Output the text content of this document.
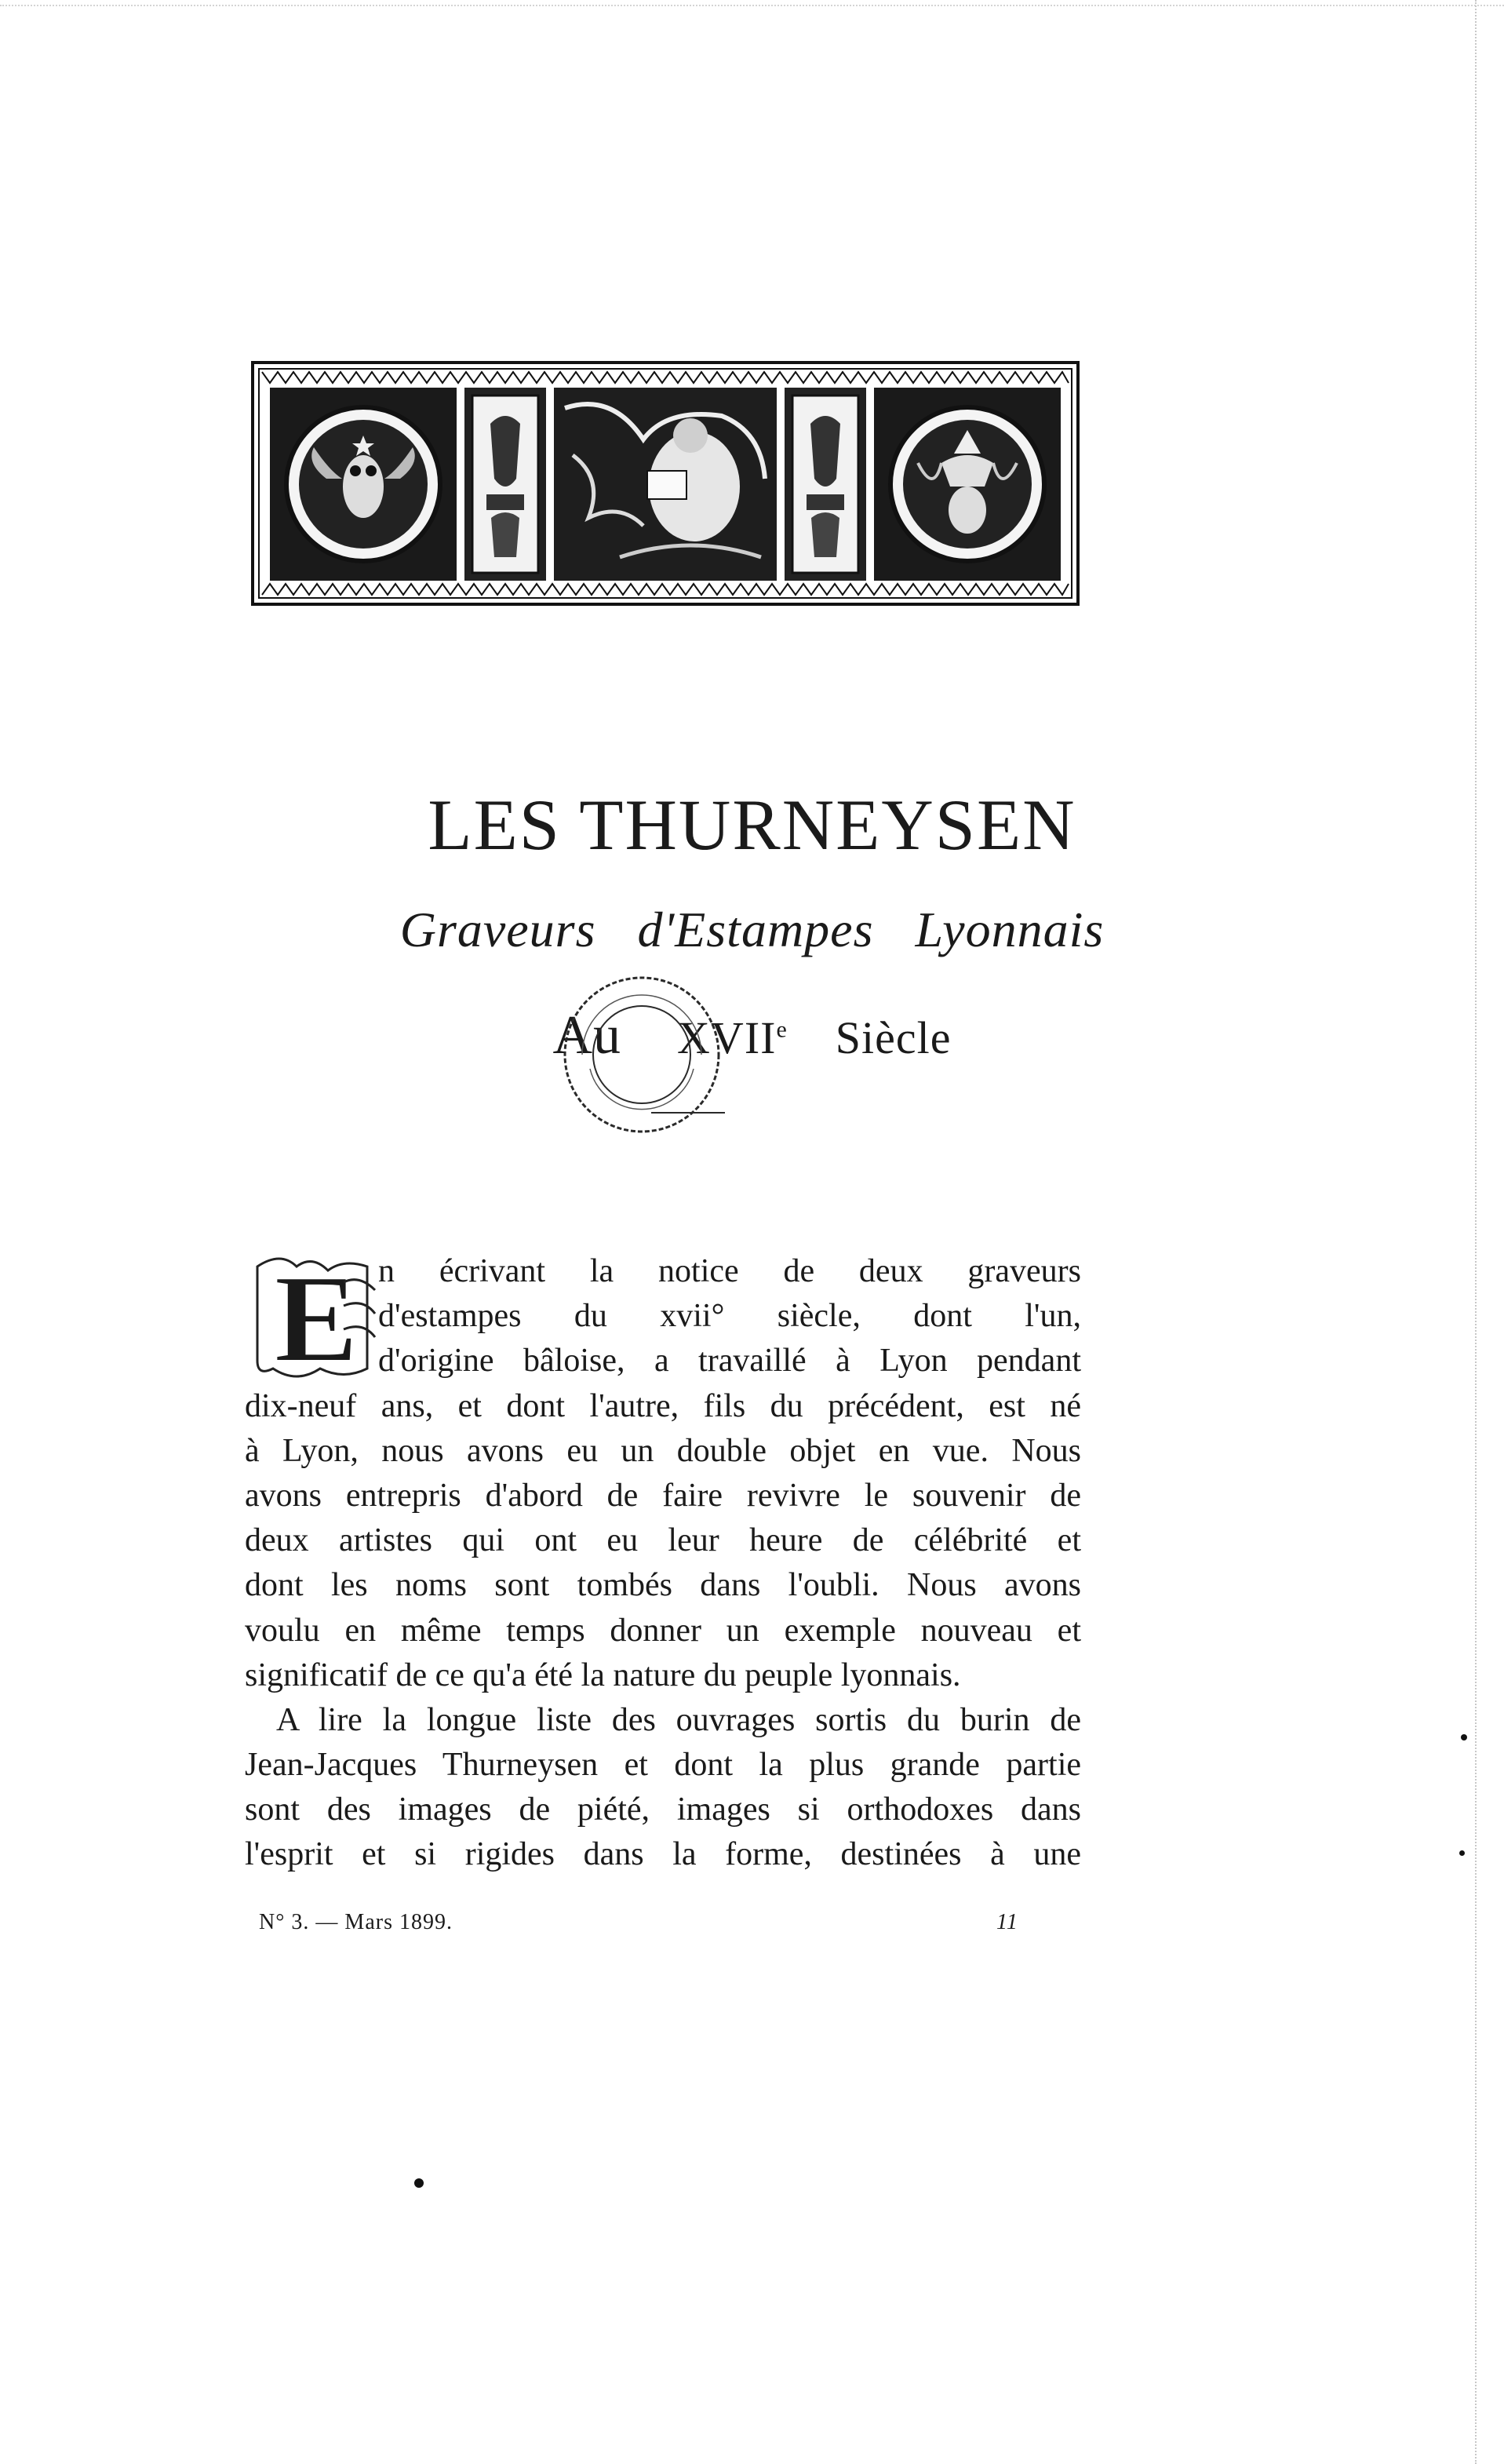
LES THURNEYSEN
Graveurs d'Estampes Lyonnais
Au XVIIe Siècle
E n écrivant la notice de deux graveurs
d'estampes du xvii° siècle, dont l'un,
d'origine bâloise, a travaillé à Lyon pendant
dix-neuf ans, et dont l'autre, fils du précédent, est né
à Lyon, nous avons eu un double objet en vue. Nous
avons entrepris d'abord de faire revivre le souvenir de
deux artistes qui ont eu leur heure de célébrité et
dont les noms sont tombés dans l'oubli. Nous avons
voulu en même temps donner un exemple nouveau et
significatif de ce qu'a été la nature du peuple lyonnais.
A lire la longue liste des ouvrages sortis du burin de
Jean-Jacques Thurneysen et dont la plus grande partie
sont des images de piété, images si orthodoxes dans
l'esprit et si rigides dans la forme, destinées à une
N° 3. — Mars 1899.	11
